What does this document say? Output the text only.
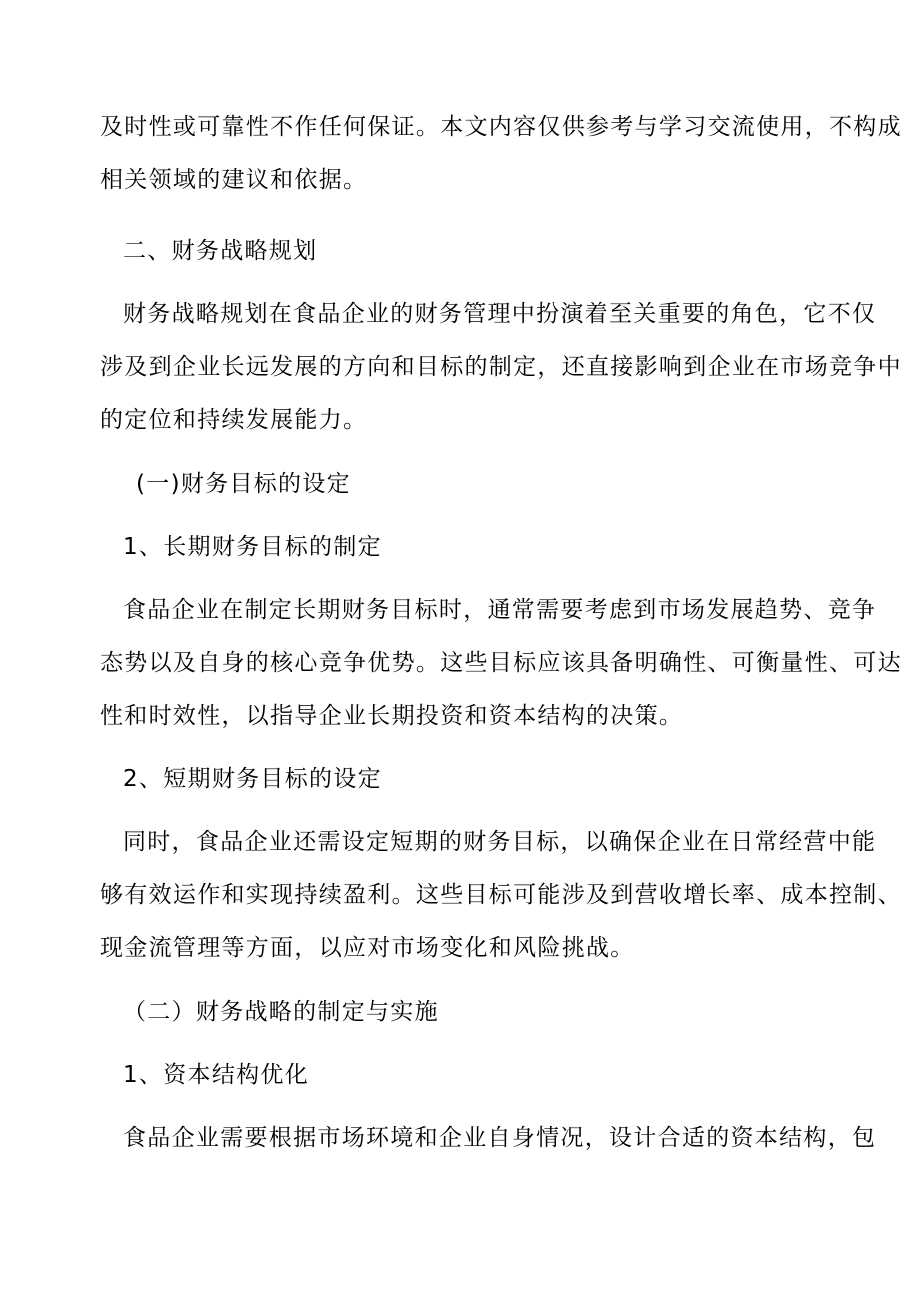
及时性或可靠性不作任何保证。本文内容仅供参考与学习交流使用，不构成
相关领域的建议和依据。
二、财务战略规划
财务战略规划在食品企业的财务管理中扮演着至关重要的角色，它不仅
涉及到企业长远发展的方向和目标的制定，还直接影响到企业在市场竞争中
的定位和持续发展能力。
(一)财务目标的设定
1、长期财务目标的制定
食品企业在制定长期财务目标时，通常需要考虑到市场发展趋势、竞争
态势以及自身的核心竞争优势。这些目标应该具备明确性、可衡量性、可达
性和时效性，以指导企业长期投资和资本结构的决策。
2、短期财务目标的设定
同时，食品企业还需设定短期的财务目标，以确保企业在日常经营中能
够有效运作和实现持续盈利。这些目标可能涉及到营收增长率、成本控制、
现金流管理等方面，以应对市场变化和风险挑战。
（二）财务战略的制定与实施
1、资本结构优化
食品企业需要根据市场环境和企业自身情况，设计合适的资本结构，包
